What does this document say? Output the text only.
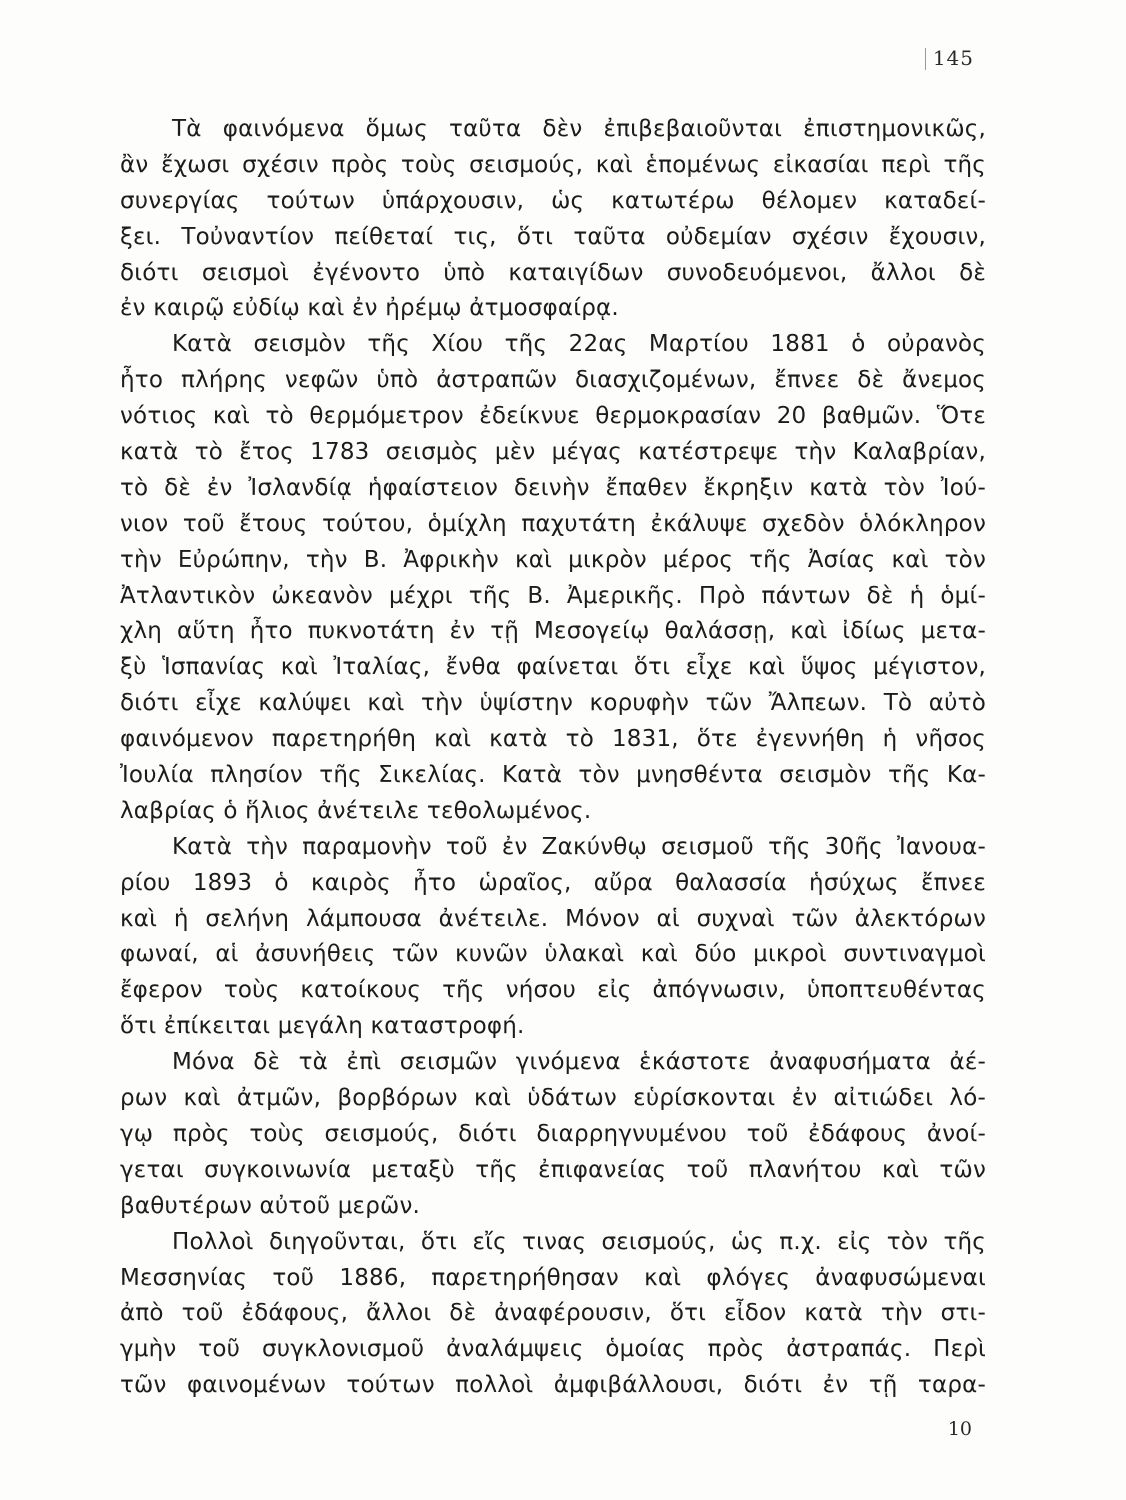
145
Τὰ φαινόμενα ὅμως ταῦτα δὲν ἐπιβεβαιοῦνται ἐπιστημονικῶς,
ἂν ἔχωσι σχέσιν πρὸς τοὺς σεισμούς, καὶ ἑπομένως εἰκασίαι περὶ τῆς
συνεργίας τούτων ὑπάρχουσιν, ὡς κατωτέρω θέλομεν καταδεί-
ξει. Τοὐναντίον πείθεταί τις, ὅτι ταῦτα οὐδεμίαν σχέσιν ἔχουσιν,
διότι σεισμοὶ ἐγένοντο ὑπὸ καταιγίδων συνοδευόμενοι, ἄλλοι δὲ
ἐν καιρῷ εὐδίῳ καὶ ἐν ἠρέμῳ ἀτμοσφαίρᾳ.
Κατὰ σεισμὸν τῆς Χίου τῆς 22ας Μαρτίου 1881 ὁ οὐρανὸς
ἦτο πλήρης νεφῶν ὑπὸ ἀστραπῶν διασχιζομένων, ἔπνεε δὲ ἄνεμος
νότιος καὶ τὸ θερμόμετρον ἐδείκνυε θερμοκρασίαν 20 βαθμῶν. Ὅτε
κατὰ τὸ ἔτος 1783 σεισμὸς μὲν μέγας κατέστρεψε τὴν Καλαβρίαν,
τὸ δὲ ἐν Ἰσλανδίᾳ ἡφαίστειον δεινὴν ἔπαθεν ἔκρηξιν κατὰ τὸν Ἰού-
νιον τοῦ ἔτους τούτου, ὁμίχλη παχυτάτη ἐκάλυψε σχεδὸν ὁλόκληρον
τὴν Εὐρώπην, τὴν Β. Ἀφρικὴν καὶ μικρὸν μέρος τῆς Ἀσίας καὶ τὸν
Ἀτλαντικὸν ὠκεανὸν μέχρι τῆς Β. Ἀμερικῆς. Πρὸ πάντων δὲ ἡ ὁμί-
χλη αὕτη ἦτο πυκνοτάτη ἐν τῇ Μεσογείῳ θαλάσσῃ, καὶ ἰδίως μετα-
ξὺ Ἱσπανίας καὶ Ἰταλίας, ἔνθα φαίνεται ὅτι εἶχε καὶ ὕψος μέγιστον,
διότι εἶχε καλύψει καὶ τὴν ὑψίστην κορυφὴν τῶν Ἄλπεων. Τὸ αὐτὸ
φαινόμενον παρετηρήθη καὶ κατὰ τὸ 1831, ὅτε ἐγεννήθη ἡ νῆσος
Ἰουλία πλησίον τῆς Σικελίας. Κατὰ τὸν μνησθέντα σεισμὸν τῆς Κα-
λαβρίας ὁ ἥλιος ἀνέτειλε τεθολωμένος.
Κατὰ τὴν παραμονὴν τοῦ ἐν Ζακύνθῳ σεισμοῦ τῆς 30ῆς Ἰανουα-
ρίου 1893 ὁ καιρὸς ἦτο ὡραῖος, αὔρα θαλασσία ἡσύχως ἔπνεε
καὶ ἡ σελήνη λάμπουσα ἀνέτειλε. Μόνον αἱ συχναὶ τῶν ἀλεκτόρων
φωναί, αἱ ἀσυνήθεις τῶν κυνῶν ὑλακαὶ καὶ δύο μικροὶ συντιναγμοὶ
ἔφερον τοὺς κατοίκους τῆς νήσου εἰς ἀπόγνωσιν, ὑποπτευθέντας
ὅτι ἐπίκειται μεγάλη καταστροφή.
Μόνα δὲ τὰ ἐπὶ σεισμῶν γινόμενα ἑκάστοτε ἀναφυσήματα ἀέ-
ρων καὶ ἀτμῶν, βορβόρων καὶ ὑδάτων εὑρίσκονται ἐν αἰτιώδει λό-
γῳ πρὸς τοὺς σεισμούς, διότι διαρρηγνυμένου τοῦ ἐδάφους ἀνοί-
γεται συγκοινωνία μεταξὺ τῆς ἐπιφανείας τοῦ πλανήτου καὶ τῶν
βαθυτέρων αὐτοῦ μερῶν.
Πολλοὶ διηγοῦνται, ὅτι εἴς τινας σεισμούς, ὡς π.χ. εἰς τὸν τῆς
Μεσσηνίας τοῦ 1886, παρετηρήθησαν καὶ φλόγες ἀναφυσώμεναι
ἀπὸ τοῦ ἐδάφους, ἄλλοι δὲ ἀναφέρουσιν, ὅτι εἶδον κατὰ τὴν στι-
γμὴν τοῦ συγκλονισμοῦ ἀναλάμψεις ὁμοίας πρὸς ἀστραπάς. Περὶ
τῶν φαινομένων τούτων πολλοὶ ἀμφιβάλλουσι, διότι ἐν τῇ ταρα-
10
